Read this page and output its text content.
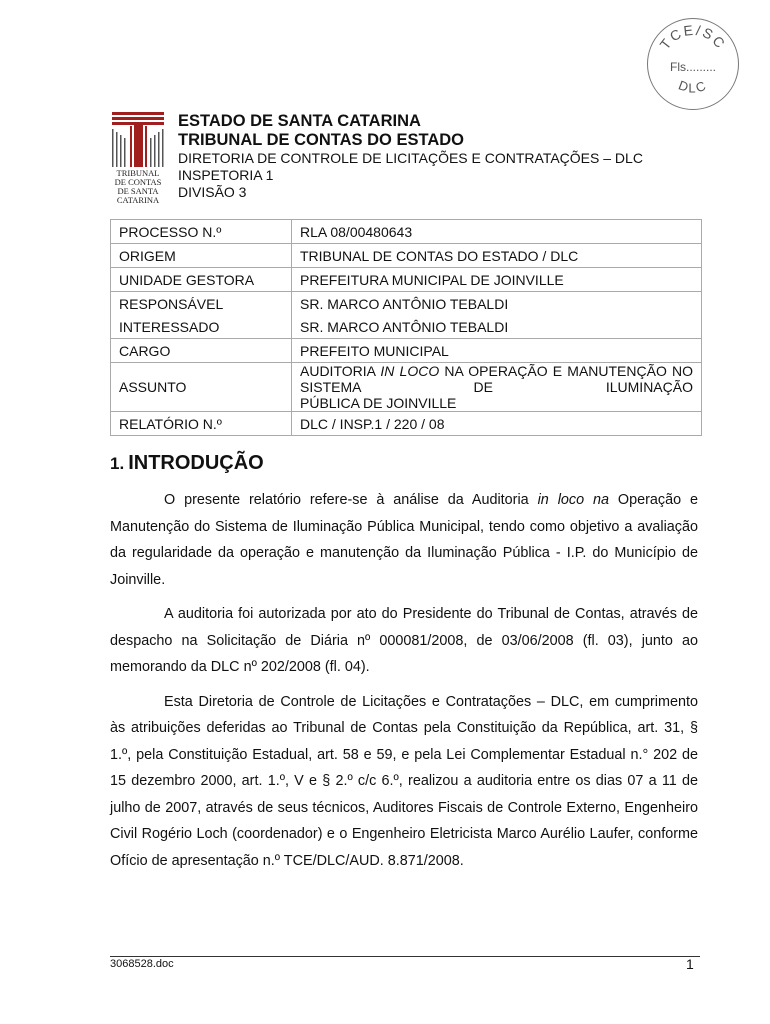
TCE/SC
Fls.........
DLC
TRIBUNAL
DE CONTAS
DE SANTA
CATARINA
ESTADO DE SANTA CATARINA
TRIBUNAL DE CONTAS DO ESTADO
DIRETORIA DE CONTROLE DE LICITAÇÕES E CONTRATAÇÕES – DLC
INSPETORIA 1
DIVISÃO 3
PROCESSO N.º	RLA 08/00480643
ORIGEM	TRIBUNAL DE CONTAS DO ESTADO / DLC
UNIDADE GESTORA	PREFEITURA MUNICIPAL DE JOINVILLE
RESPONSÁVEL	SR. MARCO ANTÔNIO TEBALDI
INTERESSADO	SR. MARCO ANTÔNIO TEBALDI
CARGO	PREFEITO MUNICIPAL
ASSUNTO	AUDITORIA IN LOCO NA OPERAÇÃO E MANUTENÇÃO NO SISTEMA DE ILUMINAÇÃO
PÚBLICA DE JOINVILLE

RELATÓRIO N.º	DLC / INSP.1 / 220 / 08
1. INTRODUÇÃO

O presente relatório refere-se à análise da Auditoria in loco na Operação e Manutenção do Sistema de Iluminação Pública Municipal, tendo como objetivo a avaliação da regularidade da operação e manutenção da Iluminação Pública - I.P. do Município de Joinville.

A auditoria foi autorizada por ato do Presidente do Tribunal de Contas, através de despacho na Solicitação de Diária nº 000081/2008, de 03/06/2008 (fl. 03), junto ao memorando da DLC nº 202/2008 (fl. 04).

Esta Diretoria de Controle de Licitações e Contratações – DLC, em cumprimento às atribuições deferidas ao Tribunal de Contas pela Constituição da República, art. 31, § 1.º, pela Constituição Estadual, art. 58 e 59, e pela Lei Complementar Estadual n.° 202 de 15 dezembro 2000, art. 1.º, V e § 2.º c/c 6.º, realizou a auditoria entre os dias 07 a 11 de julho de 2007, através de seus técnicos, Auditores Fiscais de Controle Externo, Engenheiro Civil Rogério Loch (coordenador) e o Engenheiro Eletricista Marco Aurélio Laufer, conforme Ofício de apresentação n.º TCE/DLC/AUD. 8.871/2008.

3068528.doc	1
